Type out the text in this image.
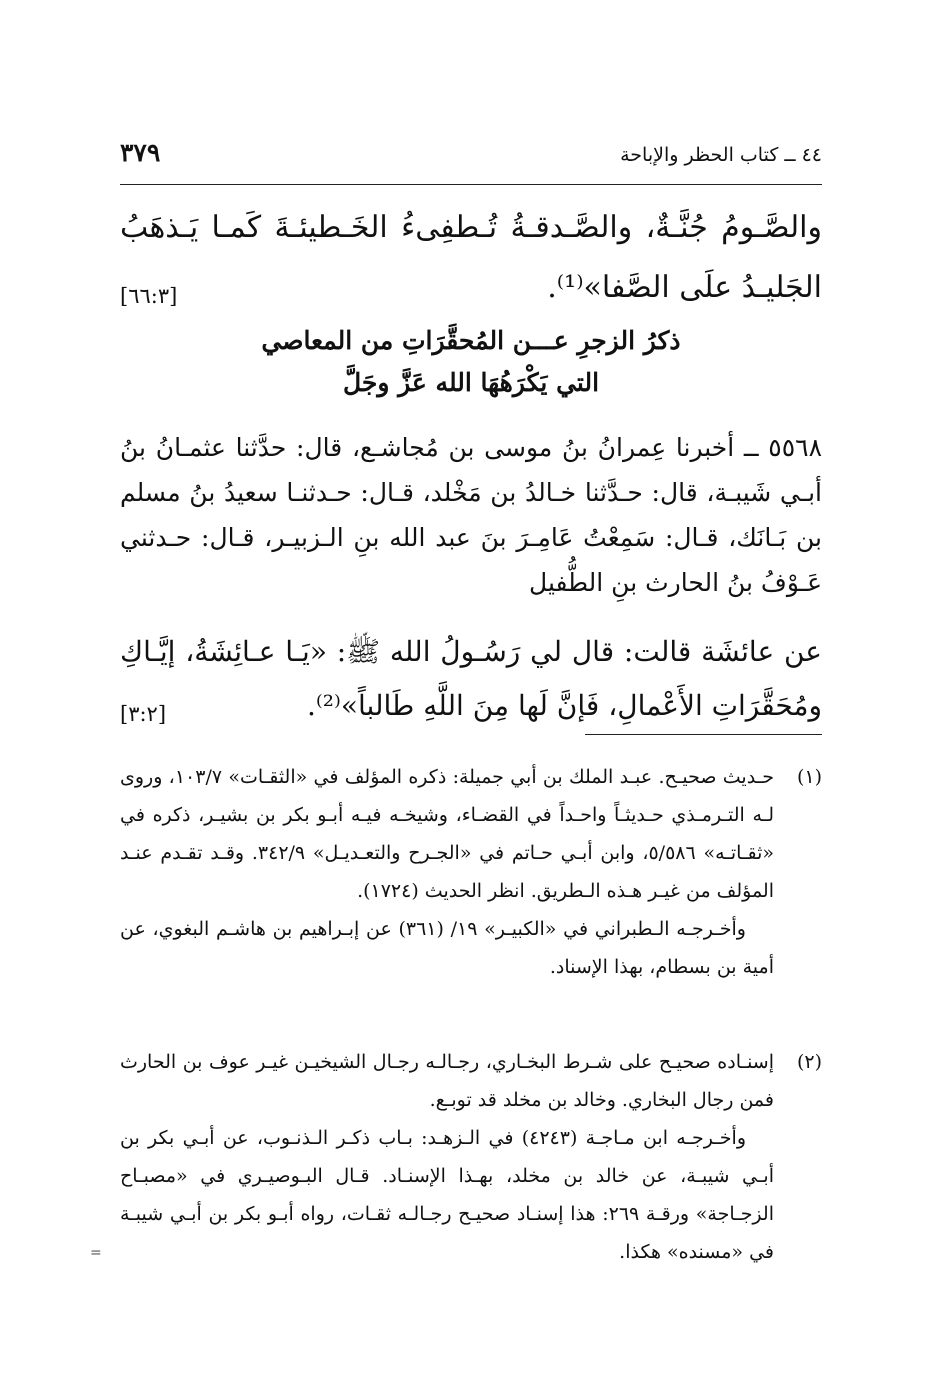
٣٧٩	٤٤ ــ كتاب الحظر والإباحة
والصَّـومُ جُنَّـةٌ، والصَّـدقـةُ تُـطفِىءُ الخَـطيئـةَ كَمـا يَـذهَبُ الجَليـدُ علَى الصَّفا»⁽¹⁾.
[٦٦:٣]
ذكرُ الزجرِ عـــن المُحقَّرَاتِ من المعاصي
التي يَكْرَهُهَا الله عَزَّ وجَلَّ
٥٥٦٨ ــ أخبرنا عِمرانُ بنُ موسى بن مُجاشـع، قال: حدَّثنا عثمـانُ بنُ أبـي شَيبـة، قال: حـدَّثنا خـالدُ بن مَخْلد، قـال: حـدثنـا سعيدُ بنُ مسلم بن بَـانَك، قـال: سَمِعْتُ عَامِـرَ بنَ عبد الله بنِ الـزبيـر، قـال: حـدثني عَـوْفُ بنُ الحارث بنِ الطُّفيل
عن عائشَة قالت: قال لي رَسُـولُ الله ﷺ: «يَـا عـائِشَةُ، إيَّـاكِ ومُحَقَّرَاتِ الأَعْمالِ، فَإنَّ لَها مِنَ اللَّهِ طَالباً»⁽²⁾.
[٣:٢]
(١)
حـديث صحيـح. عبـد الملك بن أبي جميلة: ذكره المؤلف في «الثقـات» ١٠٣/٧، وروى لـه التـرمـذي حـديثـاً واحـداً في القضـاء، وشيخـه فيـه أبـو بكر بن بشيـر، ذكره في «ثقـاتـه» ٥/٥٨٦، وابن أبـي حـاتم في «الجـرح والتعـديـل» ٣٤٢/٩. وقـد تقـدم عنـد المؤلف من غيـر هـذه الـطريق. انظر الحديث (١٧٢٤).
وأخـرجـه الـطبراني في «الكبيـر» ١٩/ (٣٦١) عن إبـراهيم بن هاشـم البغوي، عن أمية بن بسطام، بهذا الإسناد.
(٢)
إسنـاده صحيـح على شـرط البخـاري، رجـالـه رجـال الشيخيـن غيـر عوف بن الحارث فمن رجال البخاري. وخالد بن مخلد قد توبـع.
وأخـرجـه ابن مـاجـة (٤٢٤٣) في الـزهـد: بـاب ذكـر الـذنـوب، عن أبـي بكر بن أبـي شيبـة، عن خالد بن مخلد، بهـذا الإسنـاد. قـال البـوصيـري في «مصبـاح الزجـاجة» ورقـة ٢٦٩: هذا إسنـاد صحيـح رجـالـه ثقـات، رواه أبـو بكر بن أبـي شيبـة في «مسنده» هكذا.
=
